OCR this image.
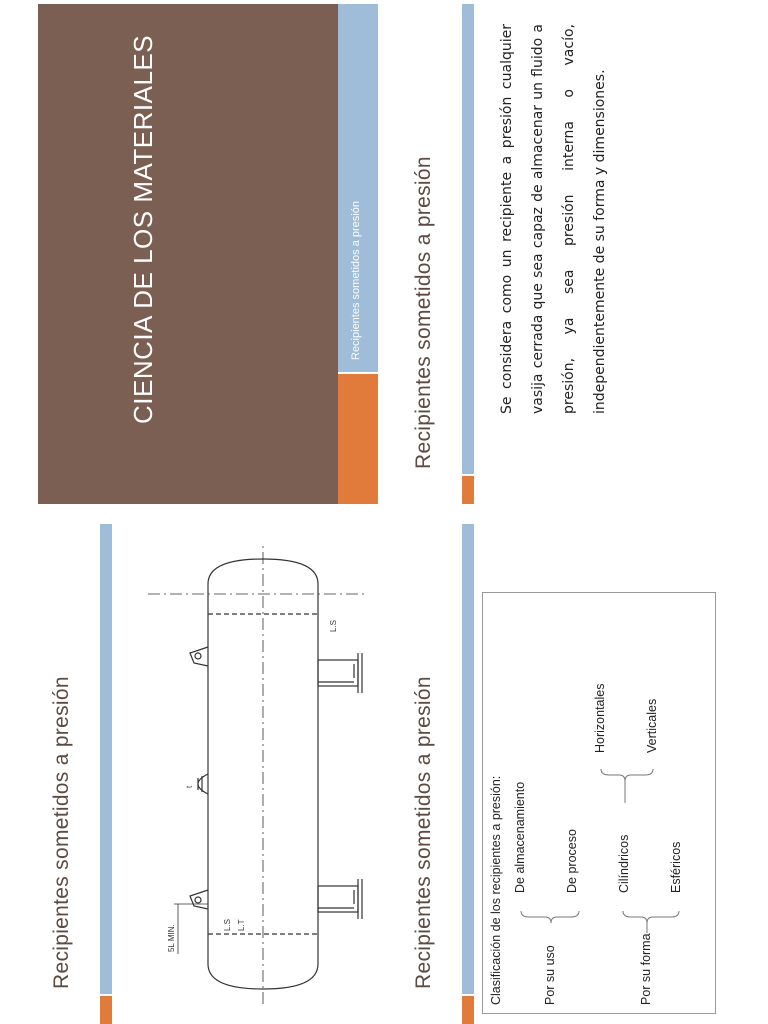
CIENCIA DE LOS MATERIALES	Recipientes sometidos a presión Recipientes sometidos a presión	Se considera como un recipiente a presión cualquier vasija cerrada que sea capaz de almacenar un fluido a presión, ya sea presión interna o vacío, independientemente de su forma y dimensiones.
Recipientes sometidos a presión	5L MIN.	L.S L.T
L.S
t	Recipientes sometidos a presión	Clasificación de los recipientes a presión:	Por su uso
De almacenamiento	De proceso
Por su forma
Cilíndricos
Horizontales	Verticales
Esféricos
